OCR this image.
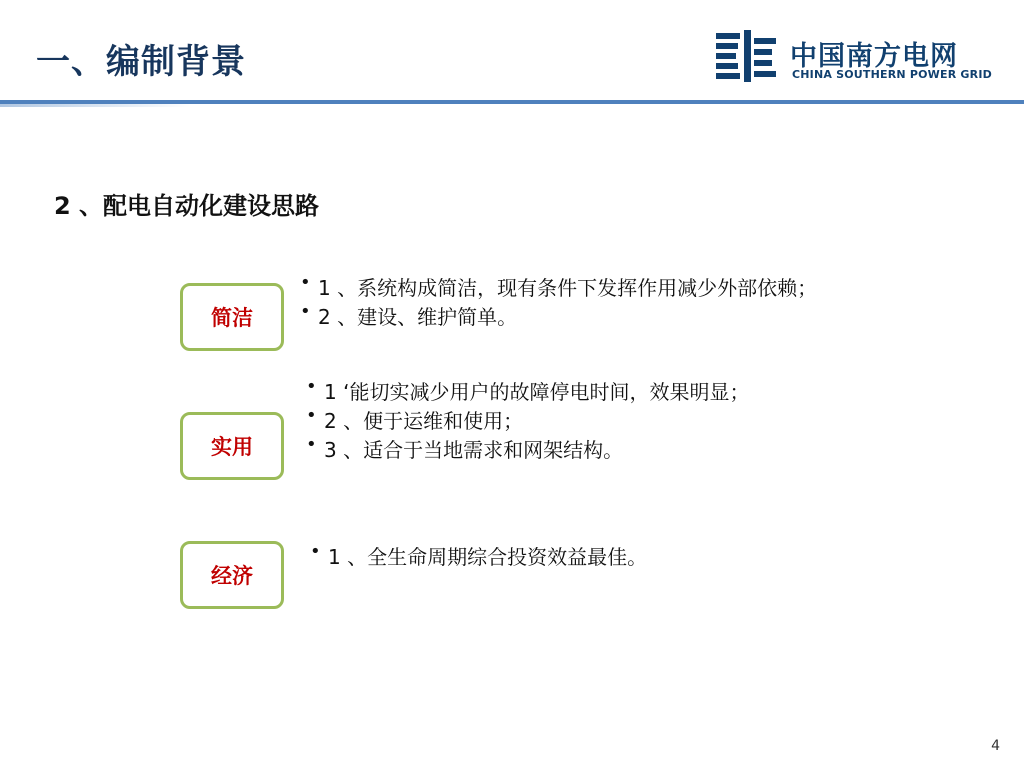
一、编制背景	中国南方电网
CHINA SOUTHERN POWER GRID
2 、配电自动化建设思路
简洁
• 1 、系统构成简洁，现有条件下发挥作用减少外部依赖；
• 2 、建设、维护简单。
实用
• 1 ‘能切实减少用户的故障停电时间，效果明显；
• 2 、便于运维和使用；
• 3 、适合于当地需求和网架结构。
经济
• 1 、全生命周期综合投资效益最佳。
4
